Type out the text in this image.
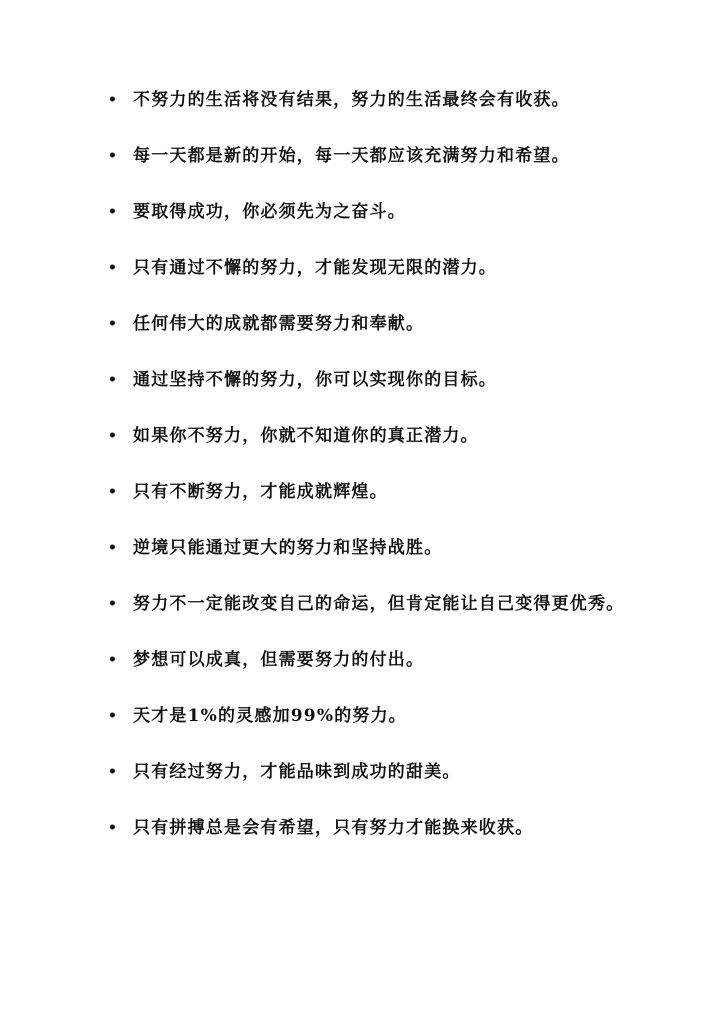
• 不努力的生活将没有结果，努力的生活最终会有收获。
• 每一天都是新的开始，每一天都应该充满努力和希望。
• 要取得成功，你必须先为之奋斗。
• 只有通过不懈的努力，才能发现无限的潜力。
• 任何伟大的成就都需要努力和奉献。
• 通过坚持不懈的努力，你可以实现你的目标。
• 如果你不努力，你就不知道你的真正潜力。
• 只有不断努力，才能成就辉煌。
• 逆境只能通过更大的努力和坚持战胜。
• 努力不一定能改变自己的命运，但肯定能让自己变得更优秀。
• 梦想可以成真，但需要努力的付出。
• 天才是1%的灵感加99%的努力。
• 只有经过努力，才能品味到成功的甜美。
• 只有拼搏总是会有希望，只有努力才能换来收获。
